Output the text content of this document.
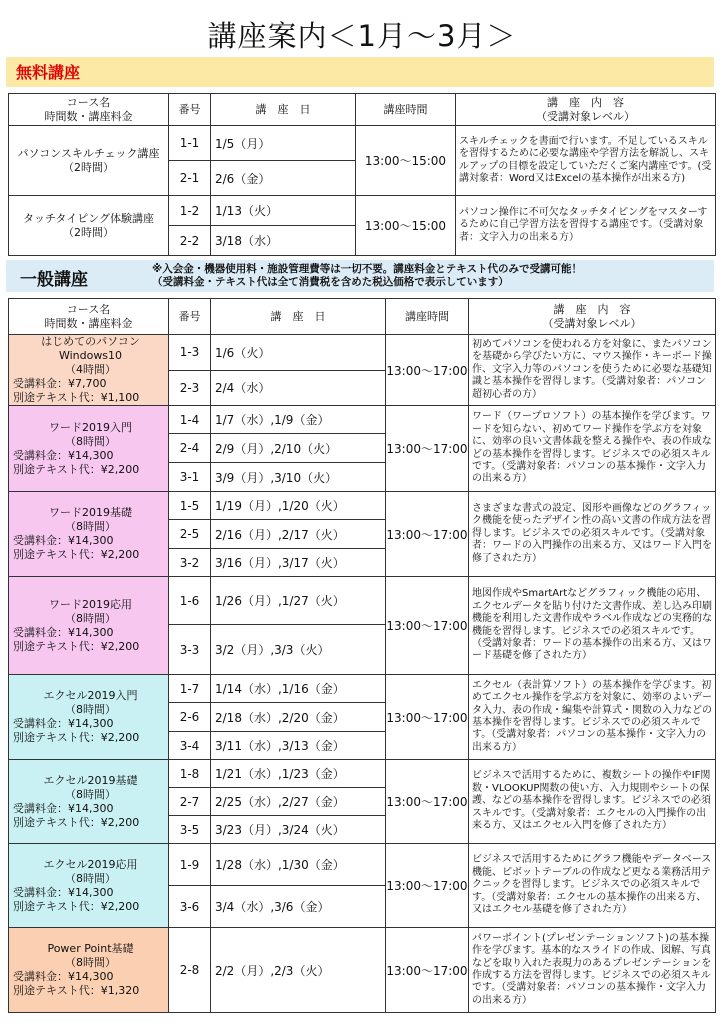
講座案内＜1月〜3月＞
無料講座
コース名
時間数・講座料金	番号	講　座　日	講座時間	講　座　内　容
（受講対象レベル）
パソコンスキルチェック講座
（2時間）	1-1	1/5（月）	13:00〜15:00	スキルチェックを書面で行います。不足しているスキルを習得するために必要な講座や学習方法を解説し、スキルアップの目標を設定していただくご案内講座です。(受講対象者：Word又はExcelの基本操作が出来る方)
	2-1	2/6（金）		
タッチタイピング体験講座
（2時間）	1-2	1/13（火）	13:00〜15:00	パソコン操作に不可欠なタッチタイピングをマスターするために自己学習方法を習得する講座です。（受講対象者：文字入力の出来る方）
	2-2	3/18（水）		
一般講座
※入会金・機器使用料・施設管理費等は一切不要。講座料金とテキスト代のみで受講可能！
（受講料金・テキスト代は全て消費税を含めた税込価格で表示しています）
コース名
時間数・講座料金	番号	講　座　日	講座時間	講　座　内　容
（受講対象レベル）

はじめてのパソコン
Windows10
（4時間）
受講料金：¥7,700
別途テキスト代：¥1,100	1-3	1/6（火）	13:00〜17:00	初めてパソコンを使われる方を対象に、またパソコンを基礎から学びたい方に、マウス操作・キーボード操作、文字入力等のパソコンを使うために必要な基礎知識と基本操作を習得します。（受講対象者：パソコン超初心者の方）
	2-3	2/4（水）		

ワード2019入門
（8時間）
受講料金：¥14,300
別途テキスト代：¥2,200	1-4	1/7（水）,1/9（金）	13:00〜17:00	ワード（ワープロソフト）の基本操作を学びます。ワードを知らない、初めてワード操作を学ぶ方を対象に、効率の良い文書体裁を整える操作や、表の作成などの基本操作を習得します。ビジネスでの必須スキルです。（受講対象者：パソコンの基本操作・文字入力の出来る方）
	2-4	2/9（月）,2/10（火）		
	3-1	3/9（月）,3/10（火）		

ワード2019基礎
（8時間）
受講料金：¥14,300
別途テキスト代：¥2,200	1-5	1/19（月）,1/20（火）	13:00〜17:00	さまざまな書式の設定、図形や画像などのグラフィック機能を使ったデザイン性の高い文書の作成方法を習得します。ビジネスでの必須スキルです。（受講対象者：ワードの入門操作の出来る方、又はワード入門を修了された方）
	2-5	2/16（月）,2/17（火）		
	3-2	3/16（月）,3/17（火）		

ワード2019応用
（8時間）
受講料金：¥14,300
別途テキスト代：¥2,200	1-6	1/26（月）,1/27（火）	13:00〜17:00	地図作成やSmartArtなどグラフィック機能の応用、エクセルデータを貼り付けた文書作成、差し込み印刷機能を利用した文書作成やラベル作成などの実務的な機能を習得します。ビジネスでの必須スキルです。（受講対象者：ワードの基本操作の出来る方、又はワード基礎を修了された方）
	3-3	3/2（月）,3/3（火）		

エクセル2019入門
（8時間）
受講料金：¥14,300
別途テキスト代：¥2,200	1-7	1/14（水）,1/16（金）	13:00〜17:00	エクセル（表計算ソフト）の基本操作を学びます。初めてエクセル操作を学ぶ方を対象に、効率のよいデータ入力、表の作成・編集や計算式・関数の入力などの基本操作を習得します。ビジネスでの必須スキルです。（受講対象者：パソコンの基本操作・文字入力の出来る方）
	2-6	2/18（水）,2/20（金）		
	3-4	3/11（水）,3/13（金）		

エクセル2019基礎
（8時間）
受講料金：¥14,300
別途テキスト代：¥2,200	1-8	1/21（水）,1/23（金）	13:00〜17:00	ビジネスで活用するために、複数シートの操作やIF関数・VLOOKUP関数の使い方、入力規則やシートの保護、などの基本操作を習得します。ビジネスでの必須スキルです。（受講対象者：エクセルの入門操作の出来る方、又はエクセル入門を修了された方）
	2-7	2/25（水）,2/27（金）		
	3-5	3/23（月）,3/24（火）		

エクセル2019応用
（8時間）
受講料金：¥14,300
別途テキスト代：¥2,200	1-9	1/28（水）,1/30（金）	13:00〜17:00	ビジネスで活用するためにグラフ機能やデータベース機能、ピボットテーブルの作成など更なる業務活用テクニックを習得します。ビジネスでの必須スキルです。（受講対象者：エクセルの基本操作の出来る方、又はエクセル基礎を修了された方）
	3-6	3/4（水）,3/6（金）		

Power Point基礎
（8時間）
受講料金：¥14,300
別途テキスト代：¥1,320	2-8	2/2（月）,2/3（火）	13:00〜17:00	パワーポイント(プレゼンテーションソフト)の基本操作を学びます。基本的なスライドの作成、図解、写真などを取り入れた表現力のあるプレゼンテーションを作成する方法を習得します。ビジネスでの必須スキルです。（受講対象者：パソコンの基本操作・文字入力の出来る方）
